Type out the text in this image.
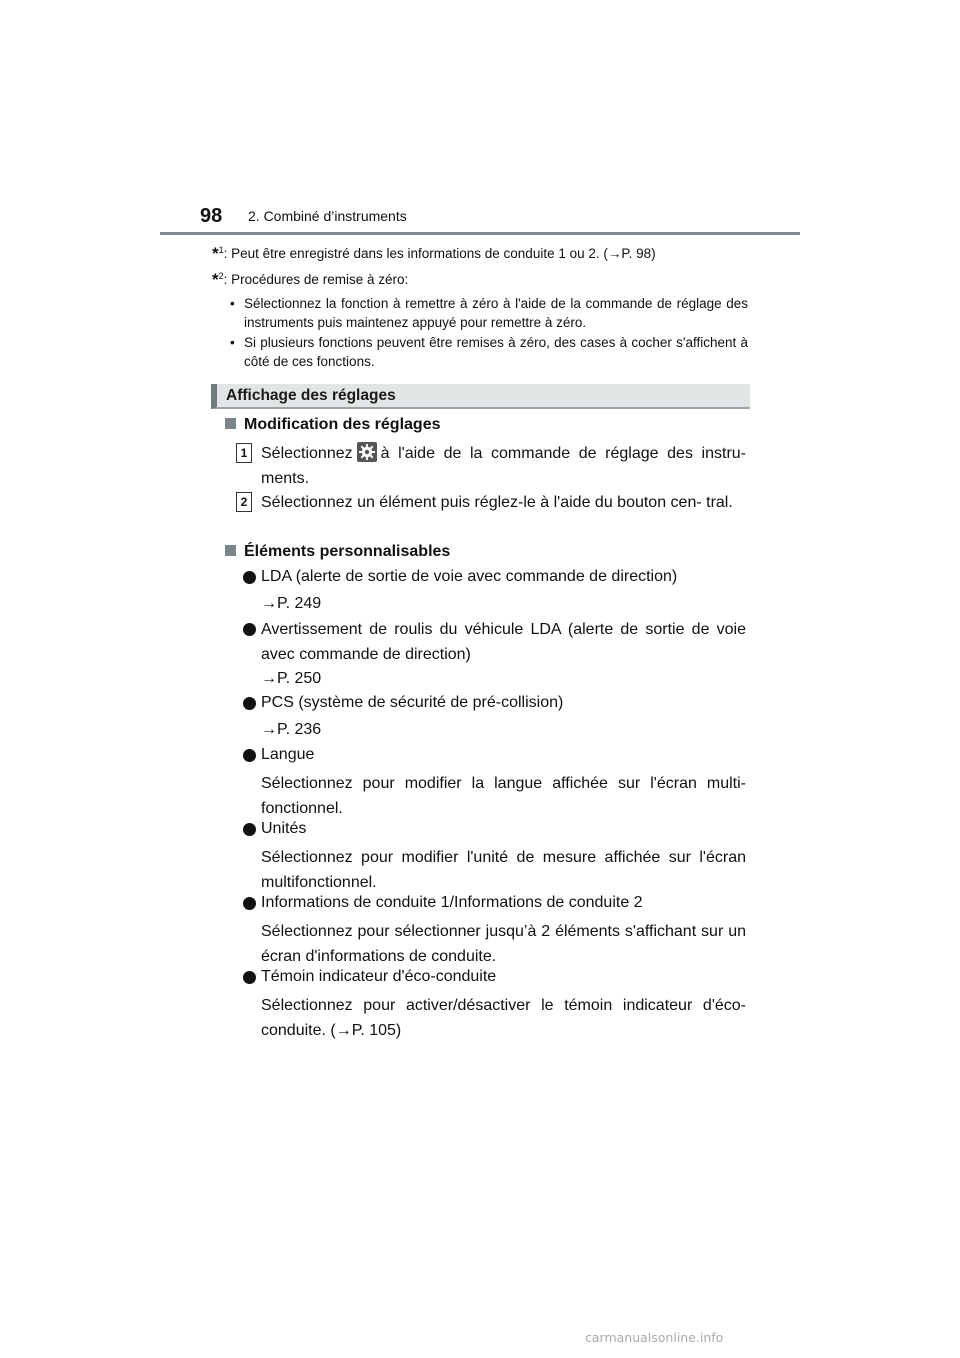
98 2. Combiné d’instruments
*$^1$: Peut être enregistré dans les informations de conduite 1 ou 2. (→P. 98)
*$^2$: Procédures de remise à zéro:
• Sélectionnez la fonction à remettre à zéro à l'aide de la commande de réglage des instruments puis maintenez appuyé pour remettre à zéro.
• Si plusieurs fonctions peuvent être remises à zéro, des cases à cocher s'affichent à côté de ces fonctions.
Affichage des réglages
Modification des réglages
1 Sélectionnez à l'aide de la commande de réglage des instru- ments.
2 Sélectionnez un élément puis réglez-le à l'aide du bouton cen- tral.
Éléments personnalisables
LDA (alerte de sortie de voie avec commande de direction)
→P. 249
Avertissement de roulis du véhicule LDA (alerte de sortie de voie avec commande de direction)
→P. 250
PCS (système de sécurité de pré-collision)
→P. 236
Langue
Sélectionnez pour modifier la langue affichée sur l'écran multi- fonctionnel.
Unités
Sélectionnez pour modifier l'unité de mesure affichée sur l'écran multifonctionnel.
Informations de conduite 1/Informations de conduite 2
Sélectionnez pour sélectionner jusqu’à 2 éléments s'affichant sur un écran d'informations de conduite.
Témoin indicateur d'éco-conduite
Sélectionnez pour activer/désactiver le témoin indicateur d'éco- conduite. (→P. 105)
carmanualsonline.info
